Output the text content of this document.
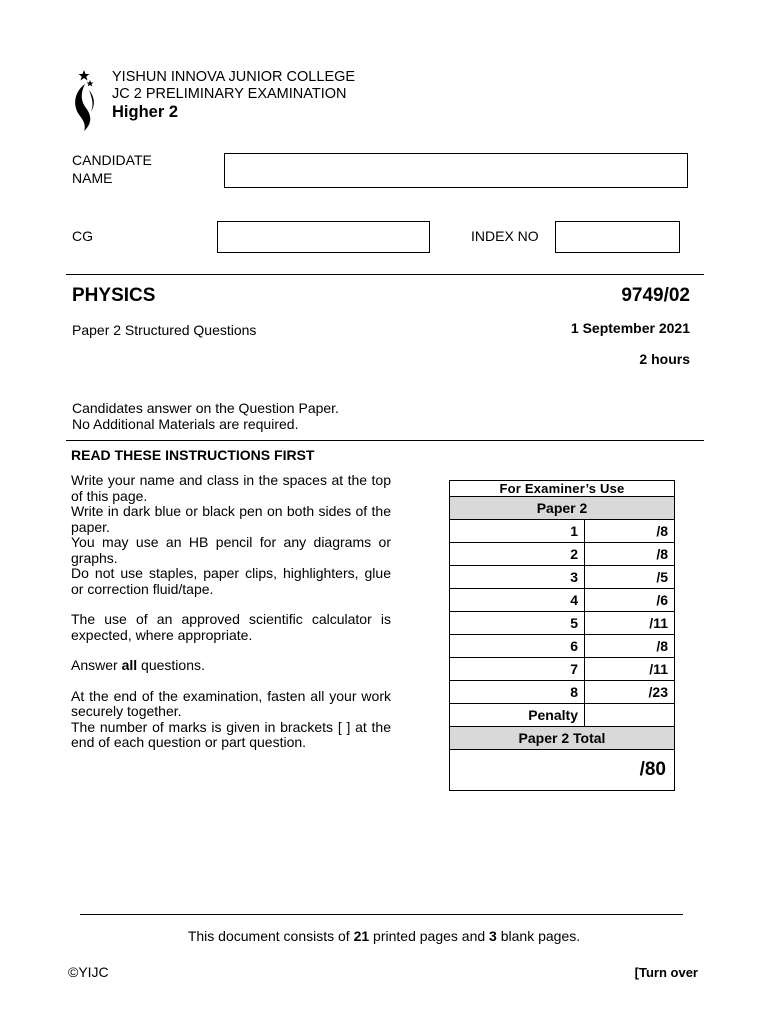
YISHUN INNOVA JUNIOR COLLEGE
JC 2 PRELIMINARY EXAMINATION
Higher 2
CANDIDATE
NAME
CG	INDEX NO
PHYSICS	9749/02
Paper 2 Structured Questions	1 September 2021
2 hours
Candidates answer on the Question Paper.
No Additional Materials are required.
READ THESE INSTRUCTIONS FIRST

Write your name and class in the spaces at the top of this page.

Write in dark blue or black pen on both sides of the paper.

You may use an HB pencil for any diagrams or graphs.

Do not use staples, paper clips, highlighters, glue or correction fluid/tape.

The use of an approved scientific calculator is expected, where appropriate.

Answer all questions.

At the end of the examination, fasten all your work securely together.

The number of marks is given in brackets [ ] at the end of each question or part question.

For Examiner’s Use	
Paper 2	
1	/8
2	/8
3	/5
4	/6
5	/11
6	/8
7	/11
8	/23
Penalty	
Paper 2 Total	
/80	
This document consists of 21 printed pages and 3 blank pages.
©YIJC	[Turn over
